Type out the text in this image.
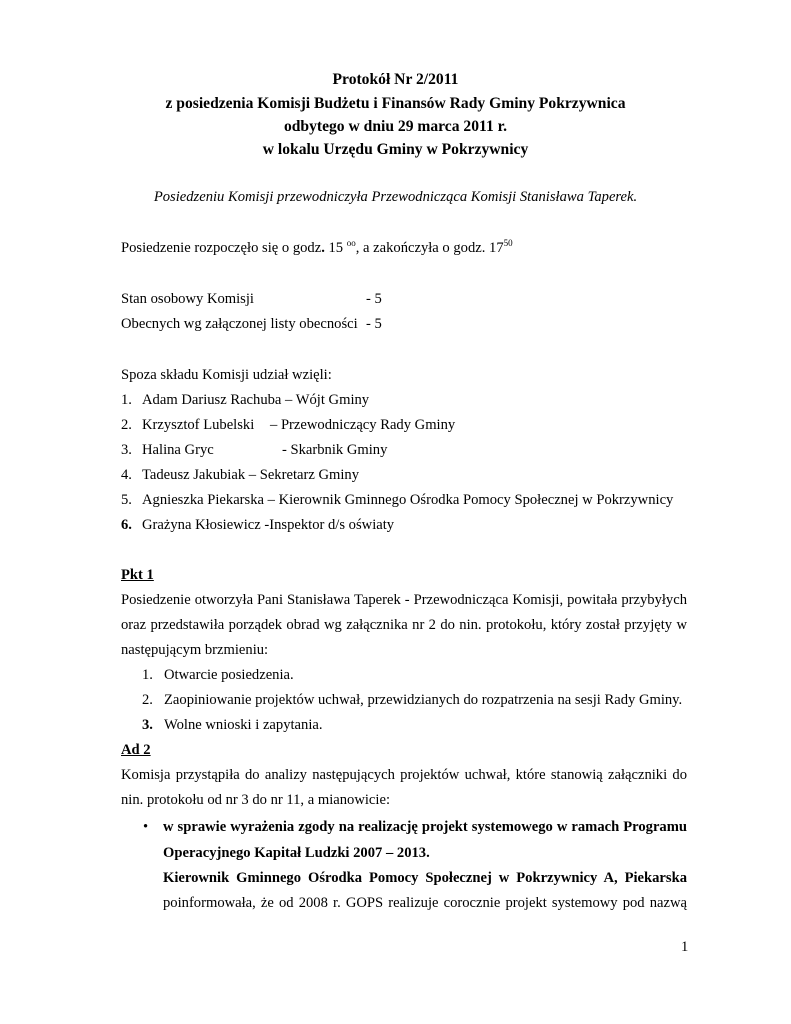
Protokół Nr 2/2011
z posiedzenia Komisji Budżetu i Finansów Rady Gminy Pokrzywnica
odbytego w dniu 29 marca 2011 r.
w lokalu Urzędu Gminy w Pokrzywnicy
Posiedzeniu Komisji przewodniczyła Przewodnicząca Komisji Stanisława Taperek.
Posiedzenie rozpoczęło się o godz. 15 $^{oo}$, a zakończyła o godz. $17^{50}$
Stan osobowy Komisji	- 5
Obecnych wg załączonej listy obecności - 5
Spoza składu Komisji udział wzięli:
1. Adam Dariusz Rachuba – Wójt Gminy
2. Krzysztof Lubelski – Przewodniczący Rady Gminy
3. Halina Gryc	- Skarbnik Gminy
4. Tadeusz Jakubiak – Sekretarz Gminy
5. Agnieszka Piekarska – Kierownik Gminnego Ośrodka Pomocy Społecznej w Pokrzywnicy
6. Grażyna Kłosiewicz -Inspektor d/s oświaty
Pkt 1
Posiedzenie otworzyła Pani Stanisława Taperek - Przewodnicząca Komisji, powitała przybyłych
oraz przedstawiła porządek obrad wg załącznika nr 2 do nin. protokołu, który został przyjęty w
następującym brzmieniu:
1. Otwarcie posiedzenia.
2. Zaopiniowanie projektów uchwał, przewidzianych do rozpatrzenia na sesji Rady Gminy.
3. Wolne wnioski i zapytania.
Ad 2
Komisja przystąpiła do analizy następujących projektów uchwał, które stanowią załączniki do
nin. protokołu od nr 3 do nr 11, a mianowicie:
• w sprawie wyrażenia zgody na realizację projekt systemowego w ramach Programu
Operacyjnego Kapitał Ludzki 2007 – 2013.
Kierownik Gminnego Ośrodka Pomocy Społecznej w Pokrzywnicy A, Piekarska
poinformowała, że od 2008 r. GOPS realizuje corocznie projekt systemowy pod nazwą
1
